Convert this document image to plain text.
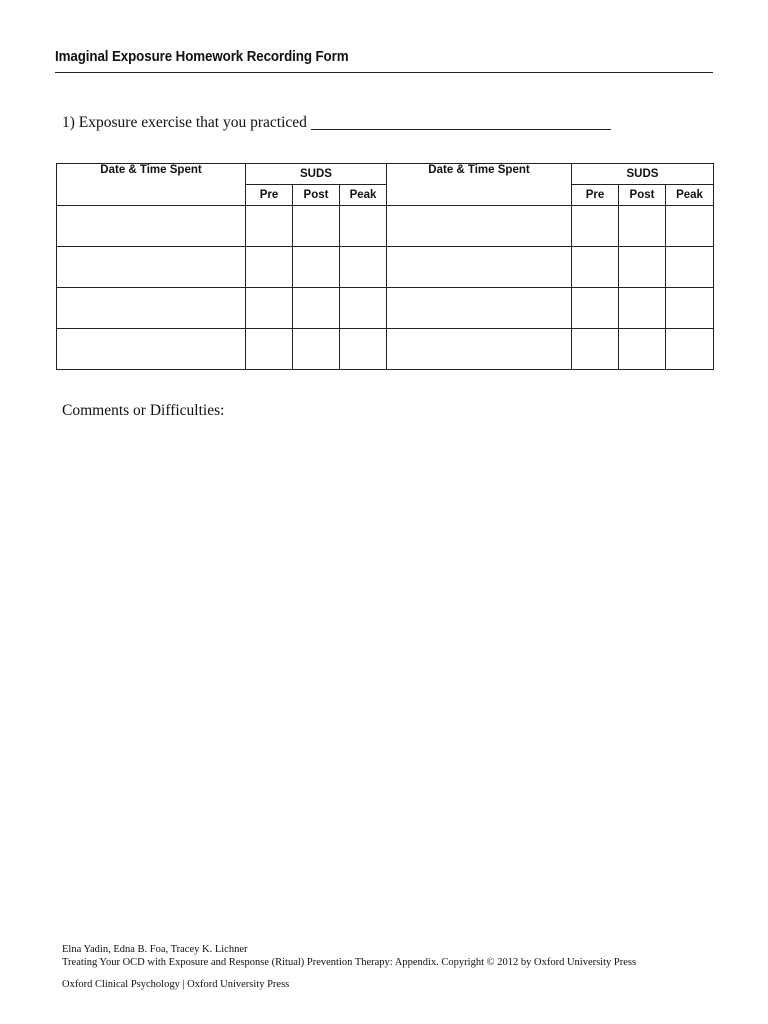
Imaginal Exposure Homework Recording Form
1) Exposure exercise that you practiced
Date & Time Spent	SUDS			Date & Time Spent	SUDS		
	Pre	Post	Peak		Pre	Post	Peak

Comments or Difficulties:
Elna Yadin, Edna B. Foa, Tracey K. Lichner
Treating Your OCD with Exposure and Response (Ritual) Prevention Therapy: Appendix. Copyright © 2012 by Oxford University Press
Oxford Clinical Psychology | Oxford University Press
